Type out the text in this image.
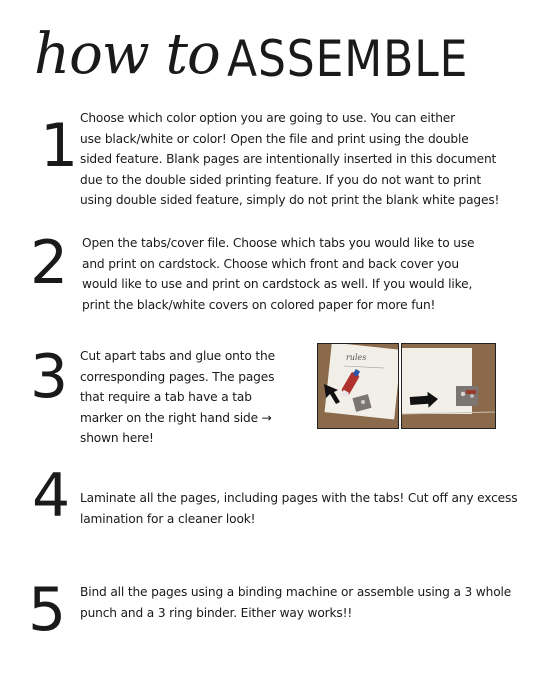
how to ASSEMBLE
1 Choose which color option you are going to use. You can either
use black/white or color! Open the file and print using the double
sided feature. Blank pages are intentionally inserted in this document
due to the double sided printing feature. If you do not want to print
using double sided feature, simply do not print the blank white pages!
2 Open the tabs/cover file. Choose which tabs you would like to use
and print on cardstock. Choose which front and back cover you
would like to use and print on cardstock as well. If you would like,
print the black/white covers on colored paper for more fun!
3 Cut apart tabs and glue onto the
corresponding pages. The pages
that require a tab have a tab
marker on the right hand side →
shown here!
rules
4 Laminate all the pages, including pages with the tabs! Cut off any excess
lamination for a cleaner look!
5 Bind all the pages using a binding machine or assemble using a 3 whole
punch and a 3 ring binder. Either way works!!
